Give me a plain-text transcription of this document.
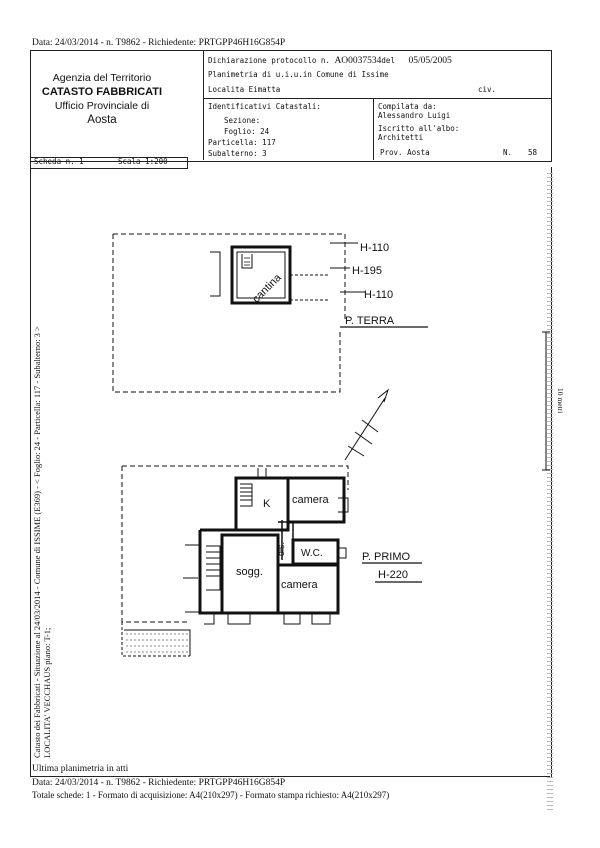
Data: 24/03/2014 - n. T9862 - Richiedente: PRTGPP46H16G854P
Agenzia del Territorio
CATASTO FABBRICATI
Ufficio Provinciale di
Aosta
Dichiarazione protocollo n. AO0037534del 05/05/2005
Planimetria di u.i.u.in Comune di Issime
Localita Eimatta	civ.
Identificativi Catastali:
Sezione:
Foglio: 24
Particella: 117
Subalterno: 3
Compilata da:
Alessandro Luigi
Iscritto all'albo:
Architetti
Prov. Aosta	N. 58
Scheda n. 1	Scala 1:200
H-110
H-195
H-110
cantina
P. TERRA
K camera
dis. W.C.
sogg.
camera
P. PRIMO
H-220
10 metri
Catasto dei Fabbricati - Situazione al 24/03/2014 - Comune di ISSIME (E369) - < Foglio: 24 - Particella: 117 - Subalterno: 3 > LOCALITA' VECCHAUS piano: T-1;
Ultima planimetria in atti
Data: 24/03/2014 - n. T9862 - Richiedente: PRTGPP46H16G854P
Totale schede: 1 - Formato di acquisizione: A4(210x297) - Formato stampa richiesto: A4(210x297)
